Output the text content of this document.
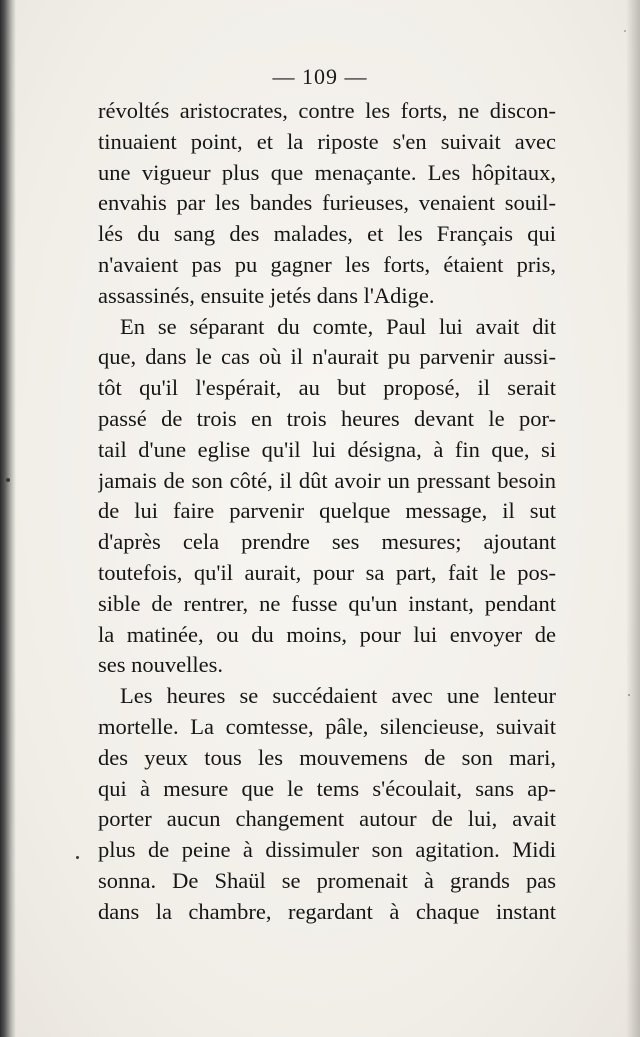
— 109 —
révoltés aristocrates, contre les forts, ne discon-
tinuaient point, et la riposte s'en suivait avec
une vigueur plus que menaçante. Les hôpitaux,
envahis par les bandes furieuses, venaient souil-
lés du sang des malades, et les Français qui
n'avaient pas pu gagner les forts, étaient pris,
assassinés, ensuite jetés dans l'Adige.
En se séparant du comte, Paul lui avait dit
que, dans le cas où il n'aurait pu parvenir aussi-
tôt qu'il l'espérait, au but proposé, il serait
passé de trois en trois heures devant le por-
tail d'une eglise qu'il lui désigna, à fin que, si
jamais de son côté, il dût avoir un pressant besoin
de lui faire parvenir quelque message, il sut
d'après cela prendre ses mesures; ajoutant
toutefois, qu'il aurait, pour sa part, fait le pos-
sible de rentrer, ne fusse qu'un instant, pendant
la matinée, ou du moins, pour lui envoyer de
ses nouvelles.
Les heures se succédaient avec une lenteur
mortelle. La comtesse, pâle, silencieuse, suivait
des yeux tous les mouvemens de son mari,
qui à mesure que le tems s'écoulait, sans ap-
porter aucun changement autour de lui, avait
plus de peine à dissimuler son agitation. Midi
sonna. De Shaül se promenait à grands pas
dans la chambre, regardant à chaque instant
